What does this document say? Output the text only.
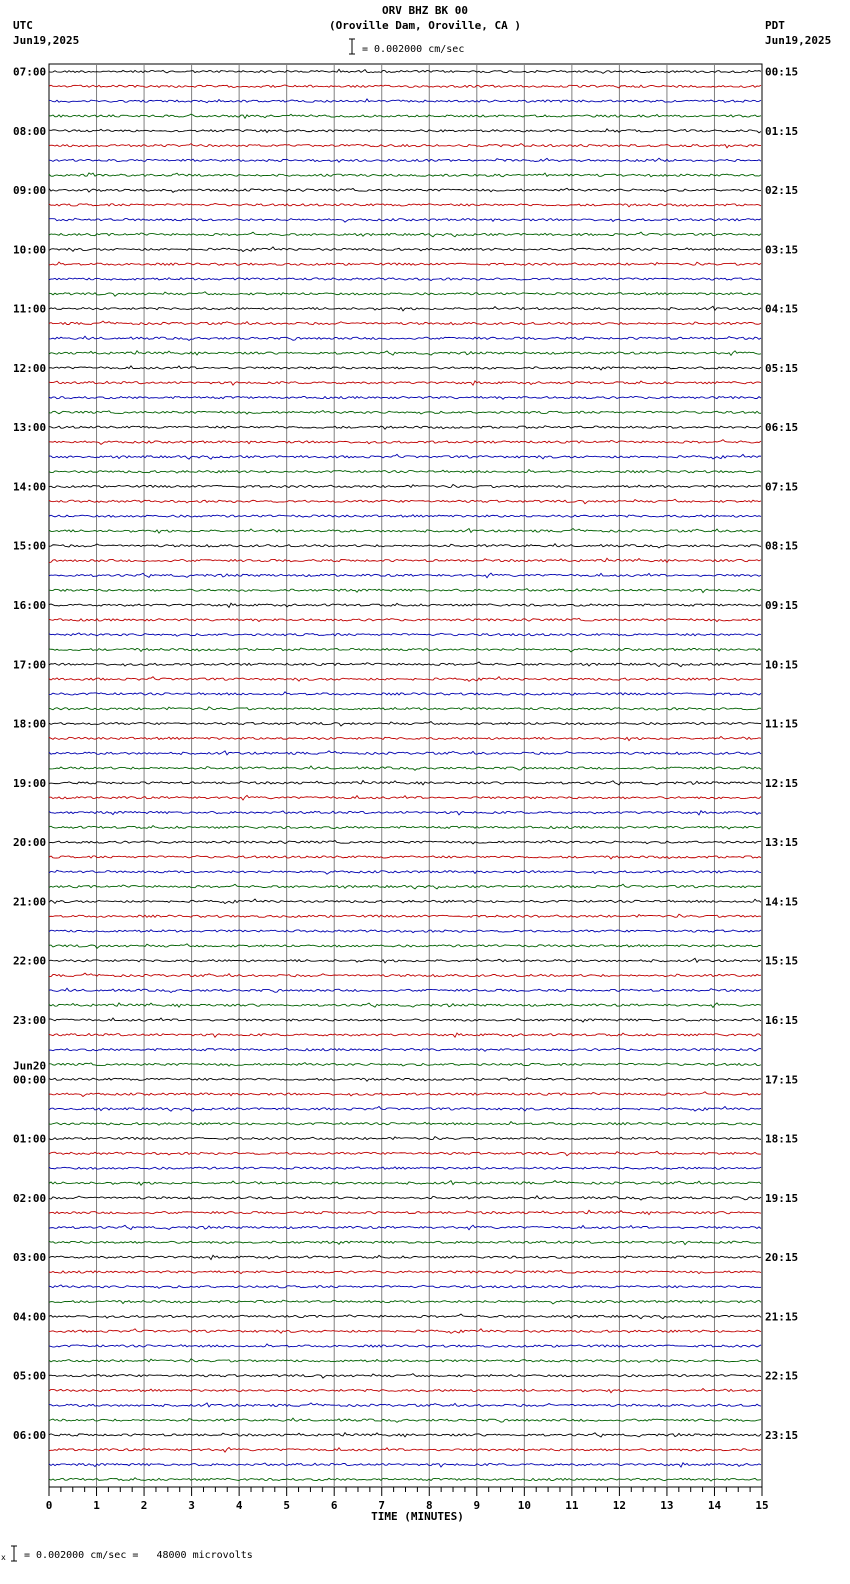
ORV BHZ BK 00
(Oroville Dam, Oroville, CA )
UTC
Jun19,2025
PDT
Jun19,2025
= 0.002000 cm/sec
07:00
08:00
09:00
10:00
11:00
12:00
13:00
14:00
15:00
16:00
17:00
18:00
19:00
20:00
21:00
22:00
23:00
00:00
01:00
02:00
03:00
04:00
05:00
06:00
00:15
01:15
02:15
03:15
04:15
05:15
06:15
07:15
08:15
09:15
10:15
11:15
12:15
13:15
14:15
15:15
16:15
17:15
18:15
19:15
20:15
21:15
22:15
23:15
Jun20
0	1	2	3	4	5	6	7	8	9	10	11	12	13	14	15
TIME (MINUTES)
x = 0.002000 cm/sec =   48000 microvolts
